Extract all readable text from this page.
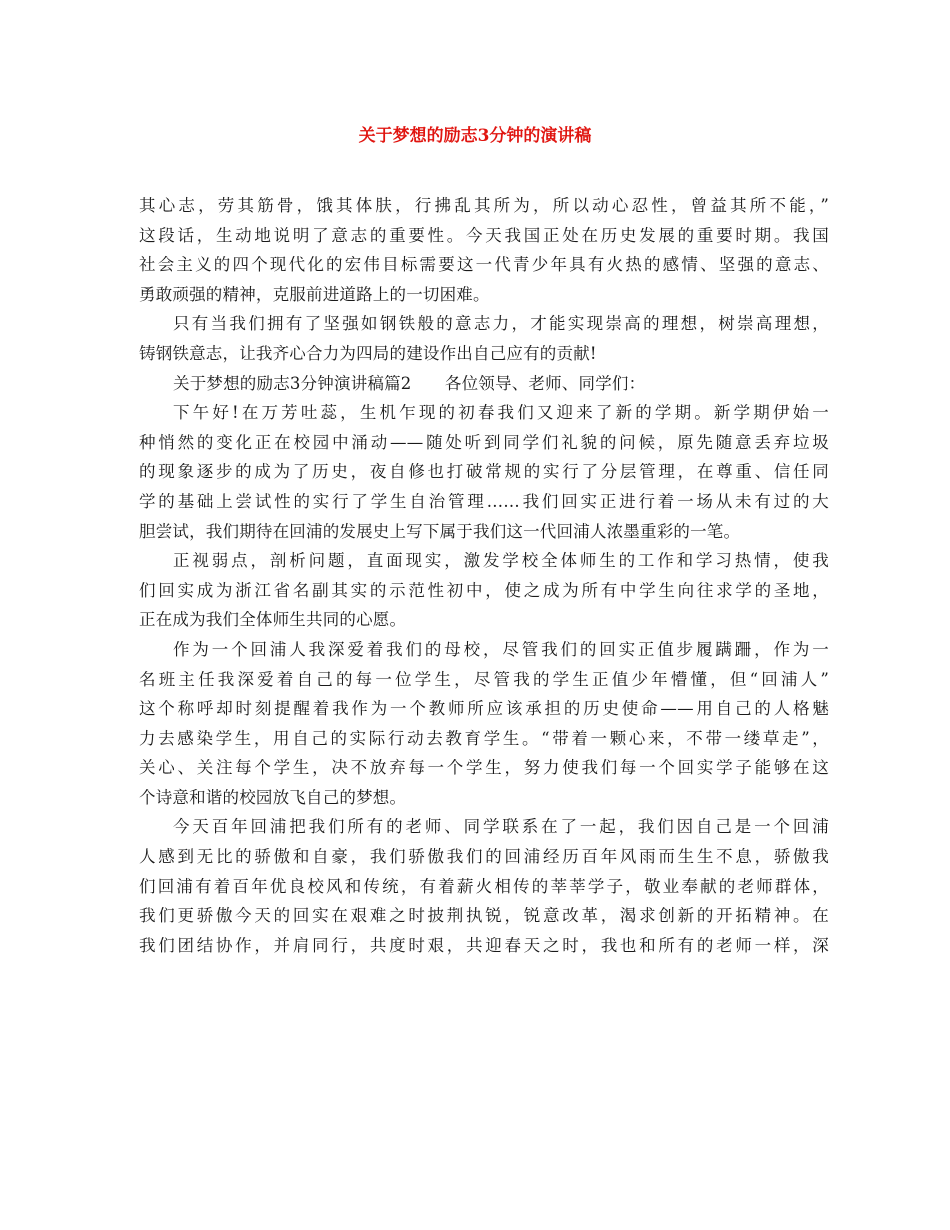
关于梦想的励志3分钟的演讲稿
其心志，劳其筋骨，饿其体肤，行拂乱其所为，所以动心忍性，曾益其所不能，”
这段话，生动地说明了意志的重要性。今天我国正处在历史发展的重要时期。我国
社会主义的四个现代化的宏伟目标需要这一代青少年具有火热的感情、坚强的意志、
勇敢顽强的精神，克服前进道路上的一切困难。
只有当我们拥有了坚强如钢铁般的意志力，才能实现崇高的理想，树崇高理想，
铸钢铁意志，让我齐心合力为四局的建设作出自己应有的贡献!
关于梦想的励志3分钟演讲稿篇2　　各位领导、老师、同学们：
下午好!在万芳吐蕊，生机乍现的初春我们又迎来了新的学期。新学期伊始一
种悄然的变化正在校园中涌动——随处听到同学们礼貌的问候，原先随意丢弃垃圾
的现象逐步的成为了历史，夜自修也打破常规的实行了分层管理，在尊重、信任同
学的基础上尝试性的实行了学生自治管理……我们回实正进行着一场从未有过的大
胆尝试，我们期待在回浦的发展史上写下属于我们这一代回浦人浓墨重彩的一笔。
正视弱点，剖析问题，直面现实，激发学校全体师生的工作和学习热情，使我
们回实成为浙江省名副其实的示范性初中，使之成为所有中学生向往求学的圣地，
正在成为我们全体师生共同的心愿。
作为一个回浦人我深爱着我们的母校，尽管我们的回实正值步履蹒跚，作为一
名班主任我深爱着自己的每一位学生，尽管我的学生正值少年懵懂，但“回浦人”
这个称呼却时刻提醒着我作为一个教师所应该承担的历史使命——用自己的人格魅
力去感染学生，用自己的实际行动去教育学生。“带着一颗心来，不带一缕草走”，
关心、关注每个学生，决不放弃每一个学生，努力使我们每一个回实学子能够在这
个诗意和谐的校园放飞自己的梦想。
今天百年回浦把我们所有的老师、同学联系在了一起，我们因自己是一个回浦
人感到无比的骄傲和自豪，我们骄傲我们的回浦经历百年风雨而生生不息，骄傲我
们回浦有着百年优良校风和传统，有着薪火相传的莘莘学子，敬业奉献的老师群体，
我们更骄傲今天的回实在艰难之时披荆执锐，锐意改革，渴求创新的开拓精神。在
我们团结协作，并肩同行，共度时艰，共迎春天之时，我也和所有的老师一样，深
